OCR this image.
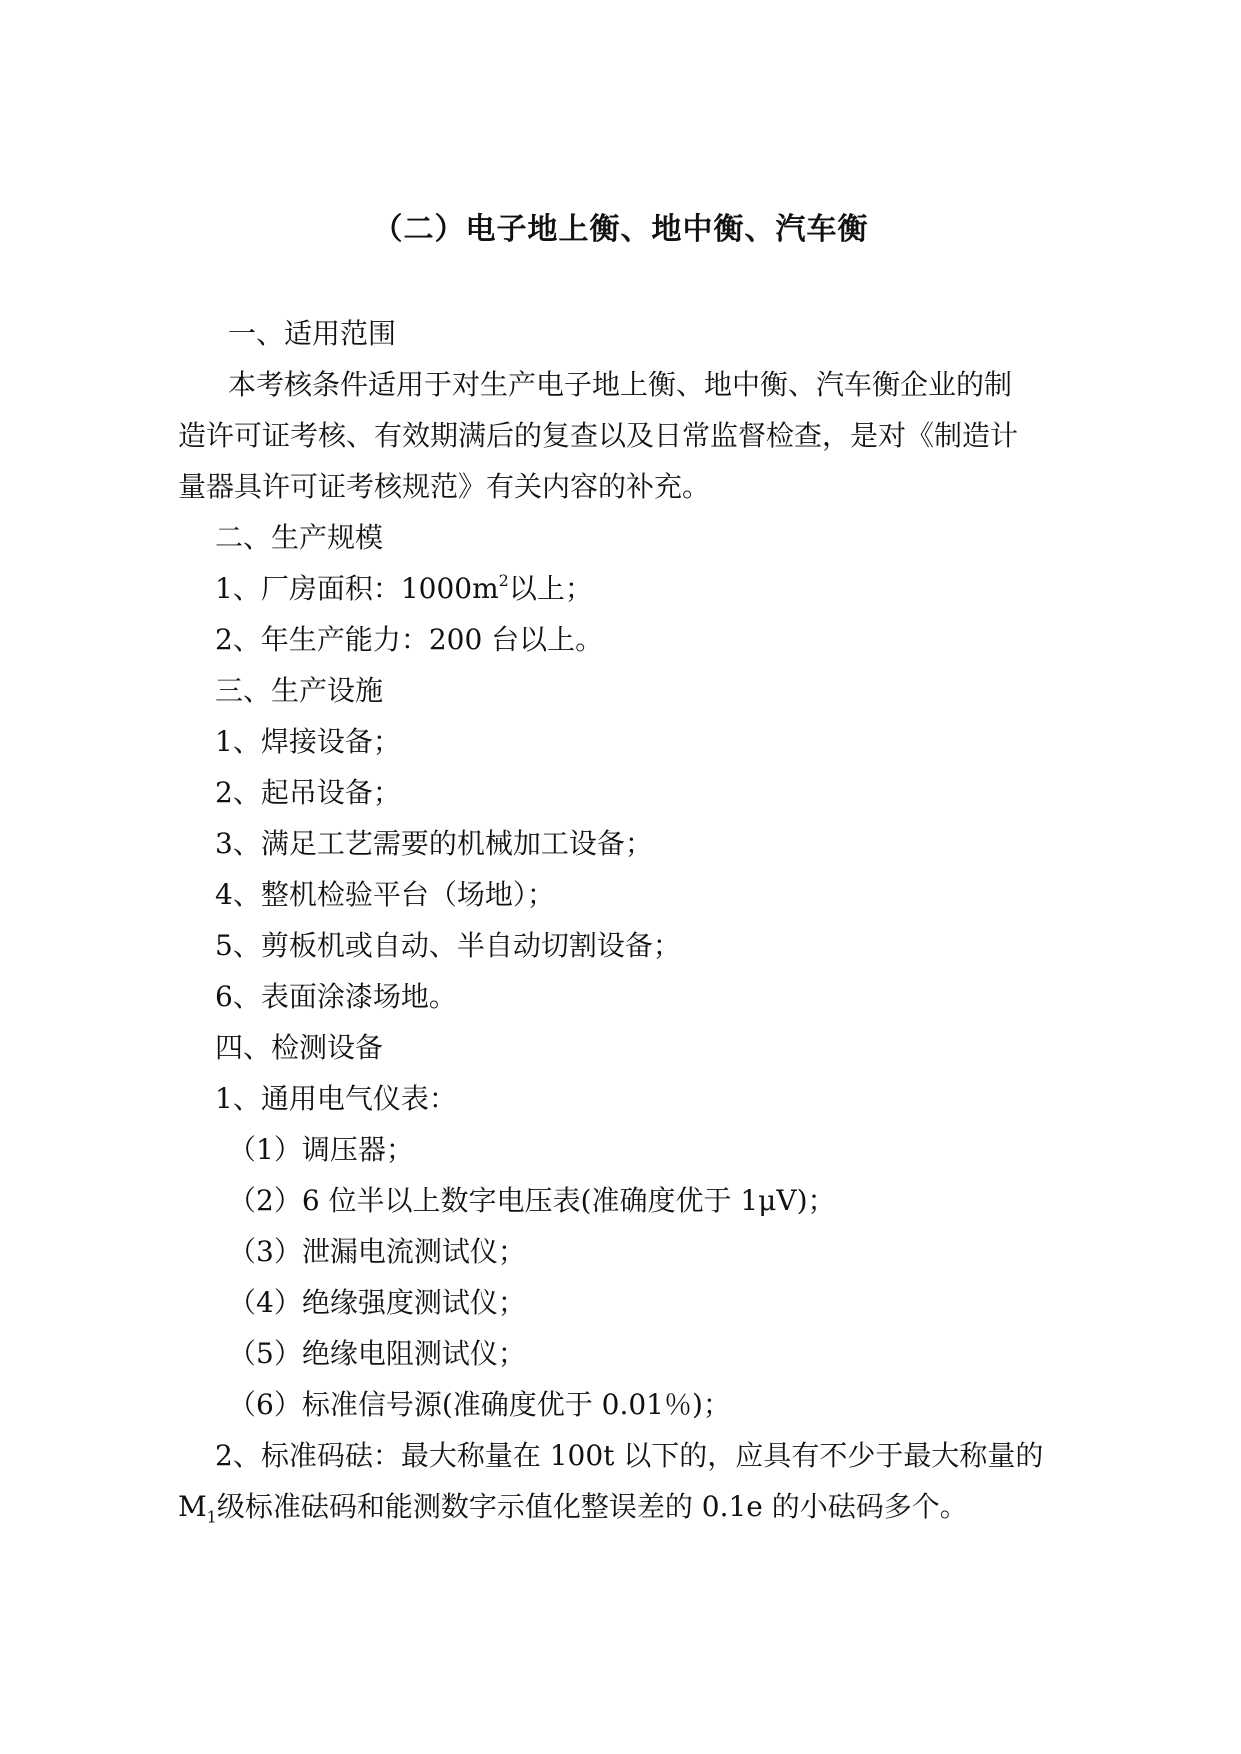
（二）电子地上衡、地中衡、汽车衡
一、适用范围
本考核条件适用于对生产电子地上衡、地中衡、汽车衡企业的制
造许可证考核、有效期满后的复查以及日常监督检查，是对《制造计
量器具许可证考核规范》有关内容的补充。
二、生产规模
1、厂房面积：$1000m^2$以上；
2、年生产能力：200 台以上。
三、生产设施
1、焊接设备；
2、起吊设备；
3、满足工艺需要的机械加工设备；
4、整机检验平台（场地）；
5、剪板机或自动、半自动切割设备；
6、表面涂漆场地。
四、检测设备
1、通用电气仪表：
（1）调压器；
（2）6 位半以上数字电压表(准确度优于 1μV)；
（3）泄漏电流测试仪；
（4）绝缘强度测试仪；
（5）绝缘电阻测试仪；
（6）标准信号源(准确度优于 0.01％)；
2、标准码砝：最大称量在 100t 以下的，应具有不少于最大称量的
$M_1$级标准砝码和能测数字示值化整误差的 0.1e 的小砝码多个。
